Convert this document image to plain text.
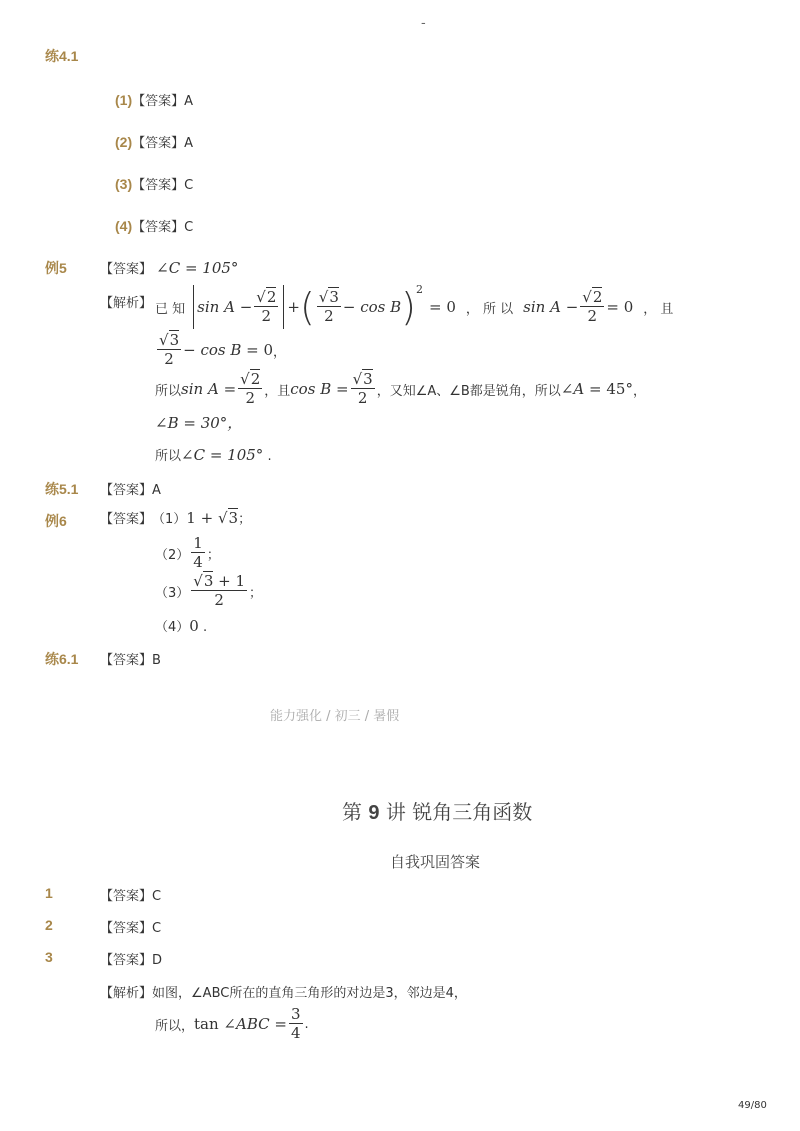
-
练4.1
(1)【答案】A
(2)【答案】A
(3)【答案】C
(4)【答案】C
例5	【答案】 ∠C = 105°
【解析】 已 知 $\sin A - \frac{√2}{2}$ + ( $\frac{√3}{2} - \cos B$ ) 2
= 0 ， 所 以 $\sin A - \frac{√2}{2} = 0$ ， 且
$\frac{√3}{2} - \cos B = 0$ ，
所以 $\sin A = \frac{√2}{2}$ ，且 $\cos B = \frac{√3}{2}$ ，又知∠A、∠B都是锐角，所以 ∠A = 45° ，
∠B = 30°，
所以∠C = 105° .
练5.1 【答案】A
例6	【答案】 （1） 1 + √3 ；
$(2) \frac{1}{4}$ ；
$(3) \frac{√3 + 1}{2}$ ；
（4）0 .
练6.1 【答案】B
能力强化 / 初三 / 暑假
第 9 讲 锐角三角函数
自我巩固答案
1	【答案】C
2	【答案】C
3	【答案】D
【解析】如图，∠ABC所在的直角三角形的对边是3，邻边是4，
所以， tan ∠ABC = $\frac{3}{4}$ .
49/80
